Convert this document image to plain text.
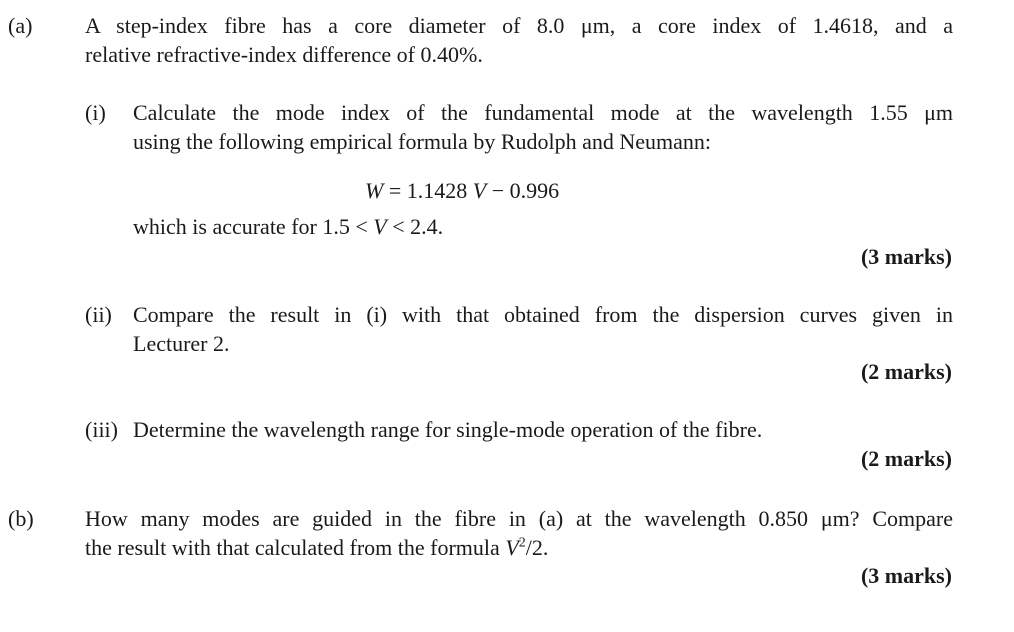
(a) A step-index fibre has a core diameter of 8.0 μm, a core index of 1.4618, and a
relative refractive-index difference of 0.40%.
(i) Calculate the mode index of the fundamental mode at the wavelength 1.55 μm
using the following empirical formula by Rudolph and Neumann:
W = 1.1428 V − 0.996
which is accurate for 1.5 < V < 2.4.
(3 marks)
(ii) Compare the result in (i) with that obtained from the dispersion curves given in
Lecturer 2.
(2 marks)
(iii) Determine the wavelength range for single-mode operation of the fibre.
(2 marks)
(b) How many modes are guided in the fibre in (a) at the wavelength 0.850 μm? Compare
the result with that calculated from the formula $V^2/2$.
(3 marks)
